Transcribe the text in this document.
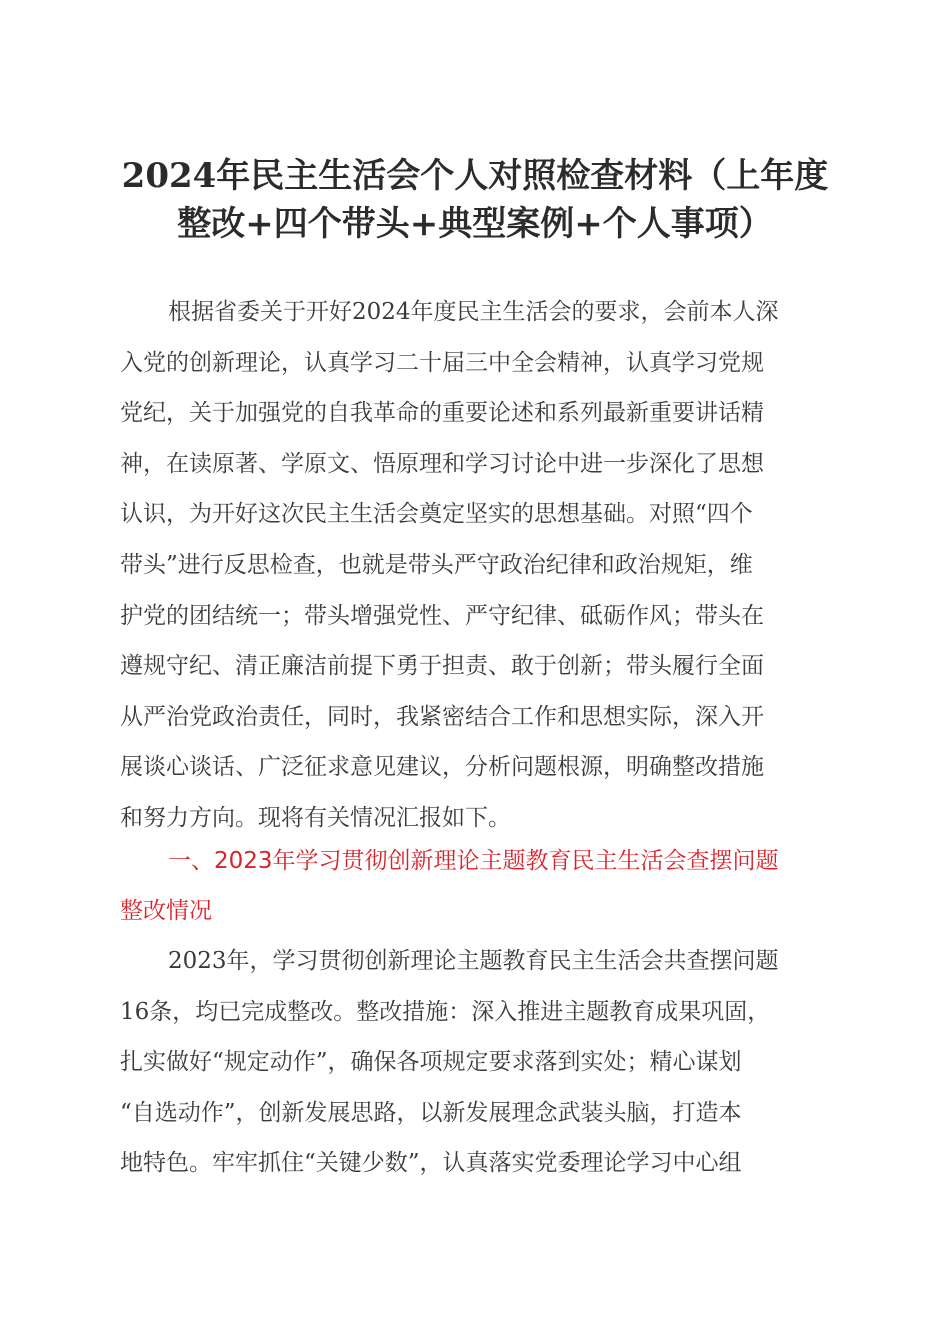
2024年民主生活会个人对照检查材料（上年度
整改+四个带头+典型案例+个人事项）
根据省委关于开好2024年度民主生活会的要求，会前本人深
入党的创新理论，认真学习二十届三中全会精神，认真学习党规
党纪，关于加强党的自我革命的重要论述和系列最新重要讲话精
神，在读原著、学原文、悟原理和学习讨论中进一步深化了思想
认识，为开好这次民主生活会奠定坚实的思想基础。对照“四个
带头”进行反思检查，也就是带头严守政治纪律和政治规矩，维
护党的团结统一；带头增强党性、严守纪律、砥砺作风；带头在
遵规守纪、清正廉洁前提下勇于担责、敢于创新；带头履行全面
从严治党政治责任，同时，我紧密结合工作和思想实际，深入开
展谈心谈话、广泛征求意见建议，分析问题根源，明确整改措施
和努力方向。现将有关情况汇报如下。
一、2023年学习贯彻创新理论主题教育民主生活会查摆问题
整改情况
2023年，学习贯彻创新理论主题教育民主生活会共查摆问题
16条，均已完成整改。整改措施：深入推进主题教育成果巩固，
扎实做好“规定动作”，确保各项规定要求落到实处；精心谋划
“自选动作”，创新发展思路，以新发展理念武装头脑，打造本
地特色。牢牢抓住“关键少数”，认真落实党委理论学习中心组
